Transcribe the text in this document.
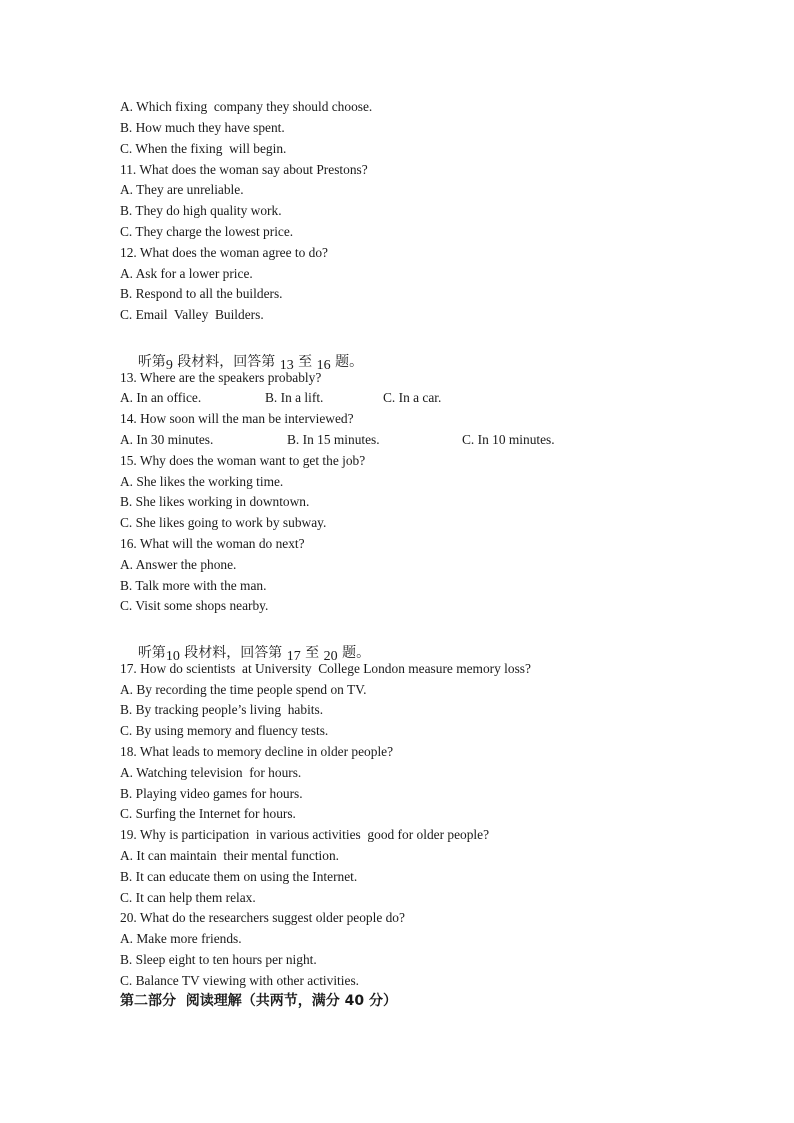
A. Which fixing  company they should choose.
B. How much they have spent.
C. When the fixing  will begin.
11. What does the woman say about Prestons?
A. They are unreliable.
B. They do high quality work.
C. They charge the lowest price.
12. What does the woman agree to do?
A. Ask for a lower price.
B. Respond to all the builders.
C. Email  Valley  Builders.

听第9 段材料，回答第 13 至 16 题。

13. Where are the speakers probably?

A. In an office.

	B. In a lift.

	C. In a car.

14. How soon will the man be interviewed?

A. In 30 minutes.

	B. In 15 minutes.

	C. In 10 minutes.

15. Why does the woman want to get the job?
A. She likes the working time.
B. She likes working in downtown.
C. She likes going to work by subway.
16. What will the woman do next?
A. Answer the phone.
B. Talk more with the man.
C. Visit some shops nearby.

听第10 段材料，回答第 17 至 20 题。

17. How do scientists  at University  College London measure memory loss?
A. By recording the time people spend on TV.
B. By tracking people’s living  habits.
C. By using memory and fluency tests.
18. What leads to memory decline in older people?
A. Watching television  for hours.
B. Playing video games for hours.
C. Surfing the Internet for hours.
19. Why is participation  in various activities  good for older people?
A. It can maintain  their mental function.
B. It can educate them on using the Internet.
C. It can help them relax.
20. What do the researchers suggest older people do?
A. Make more friends.
B. Sleep eight to ten hours per night.
C. Balance TV viewing with other activities.
第二部分  阅读理解（共两节，满分 40 分）
